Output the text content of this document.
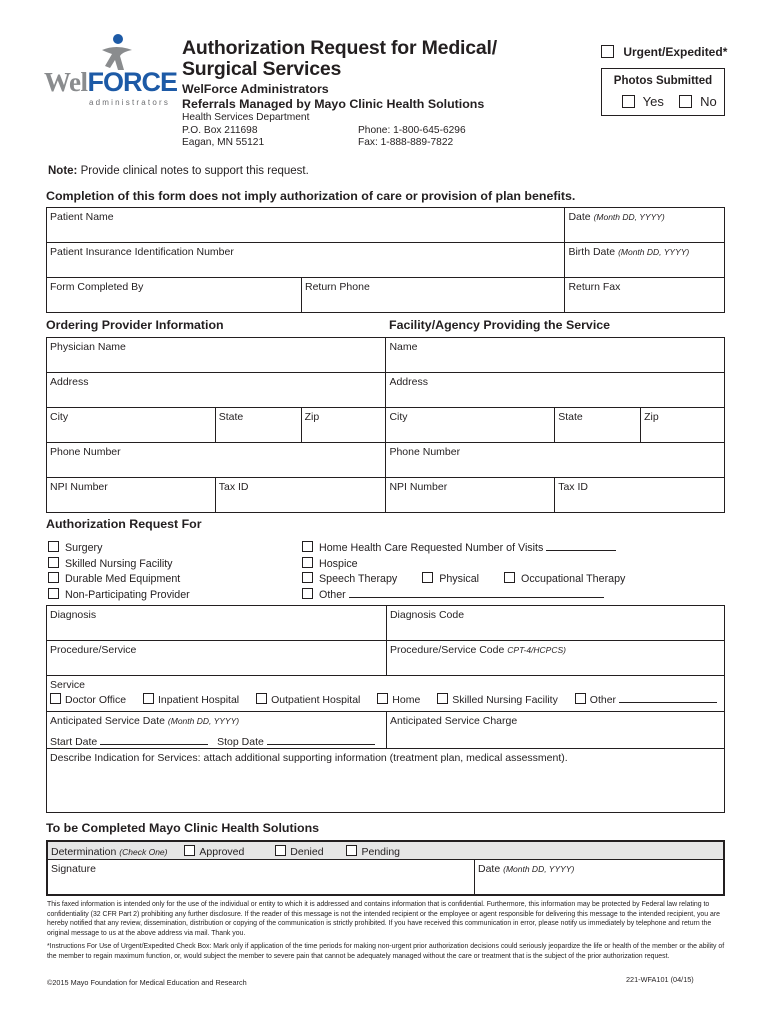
WelFORCE
administrators
Authorization Request for Medical/
Surgical Services
WelForce Administrators
Referrals Managed by Mayo Clinic Health Solutions
Health Services Department
P.O. Box 211698
Eagan, MN 55121
Phone: 1-800-645-6296
Fax: 1-888-889-7822
Urgent/Expedited*
Photos Submitted
Yes	No
Note: Provide clinical notes to support this request.
Completion of this form does not imply authorization of care or provision of plan benefits.
Patient Name		Date (Month DD, YYYY)
Patient Insurance Identification Number		Birth Date (Month DD, YYYY)
Form Completed By	Return Phone	Return Fax
Ordering Provider Information	Facility/Agency Providing the Service
Physician Name			Name		
Address			Address		
City	State	Zip	City	State	Zip
Phone Number			Phone Number		
NPI Number	Tax ID		NPI Number	Tax ID	
Authorization Request For
Surgery
Skilled Nursing Facility
Durable Med Equipment
Non-Participating Provider
Home Health Care Requested Number of Visits
Hospice
Speech Therapy	Physical	Occupational Therapy
Other
Diagnosis	Diagnosis Code
Procedure/Service	Procedure/Service Code CPT-4/HCPCS)

Service
Doctor Office Inpatient Hospital Outpatient Hospital Home Skilled Nursing Facility Other	

Anticipated Service Date (Month DD, YYYY)
Start Date Stop Date	Anticipated Service Charge
Describe Indication for Services: attach additional supporting information (treatment plan, medical assessment).	
To be Completed Mayo Clinic Health Solutions
Determination (Check One)	Approved	Denied	Pending
Signature	Date (Month DD, YYYY)

This faxed information is intended only for the use of the individual or entity to which it is addressed and contains information that is confidential. Furthermore, this information may be protected by Federal law relating to confidentiality (32 CFR Part 2) prohibiting any further disclosure. If the reader of this message is not the intended recipient or the employee or agent responsible for delivering this message to the intended recipient, you are hereby notified that any review, dissemination, distribution or copying of the communication is strictly prohibited. If you have received this communication in error, please notify us immediately by telephone and return the original message to us at the above address via mail. Thank you.

*Instructions For Use of Urgent/Expedited Check Box: Mark only if application of the time periods for making non-urgent prior authorization decisions could seriously jeopardize the life or health of the member or the ability of the member to regain maximum function, or, would subject the member to severe pain that cannot be adequately managed without the care or treatment that is the subject of the prior authorization request.

©2015 Mayo Foundation for Medical Education and Research	221-WFA101 (04/15)
